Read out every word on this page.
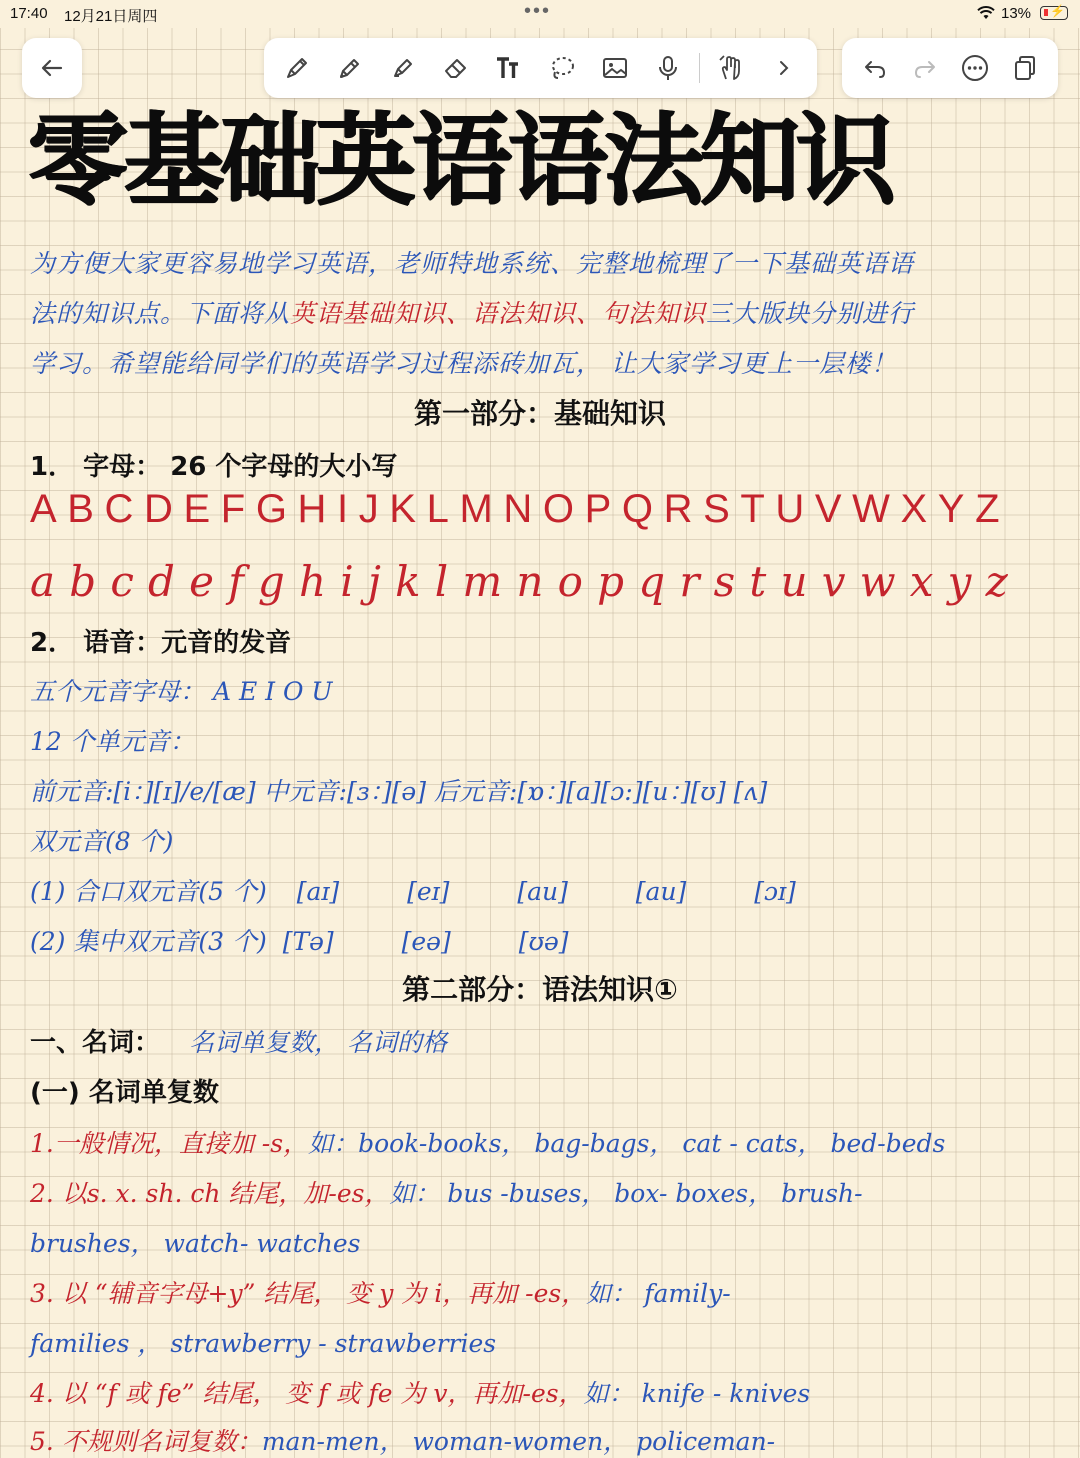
17:40 12月21日周四	•••	13% ⚡
零基础英语语法知识
为方便大家更容易地学习英语，老师特地系统、完整地梳理了一下基础英语语
法的知识点。下面将从英语基础知识、语法知识、句法知识三大版块分别进行
学习。希望能给同学们的英语学习过程添砖加瓦， 让大家学习更上一层楼！
第一部分：基础知识
1． 字母： 26 个字母的大小写
ABCDEFGHIJKLMNOPQRSTUVWXYZ
abcdefghijklmnopqrstuvwxyz
2． 语音：元音的发音
五个元音字母： A E I O U
12 个单元音：
前元音:[i：][ɪ]/e/[æ] 中元音:[ɜ：][ə] 后元音:[ɒ：][a][ɔ:][u：][ʊ] [ʌ]
双元音(8 个)
(1) 合口双元音(5 个) [aɪ]	[eɪ]	[au]	[au]	[ɔɪ]
(2) 集中双元音(3 个) [Tə]	[eə]	[ʊə]
第二部分：语法知识①
一、名词： 名词单复数， 名词的格
(一) 名词单复数
1.一般情况，直接加 -s，如：book-books， bag-bags， cat - cats， bed-beds
2. 以s. x. sh. ch 结尾，加-es，如： bus -buses， box- boxes， brush-
brushes， watch- watches
3. 以 “辅音字母+y” 结尾， 变 y 为 i，再加 -es，如： family-
families ， strawberry - strawberries
4. 以 “f 或 fe” 结尾， 变 f 或 fe 为 v，再加-es，如： knife - knives
5. 不规则名词复数：man-men， woman-women， policeman-
